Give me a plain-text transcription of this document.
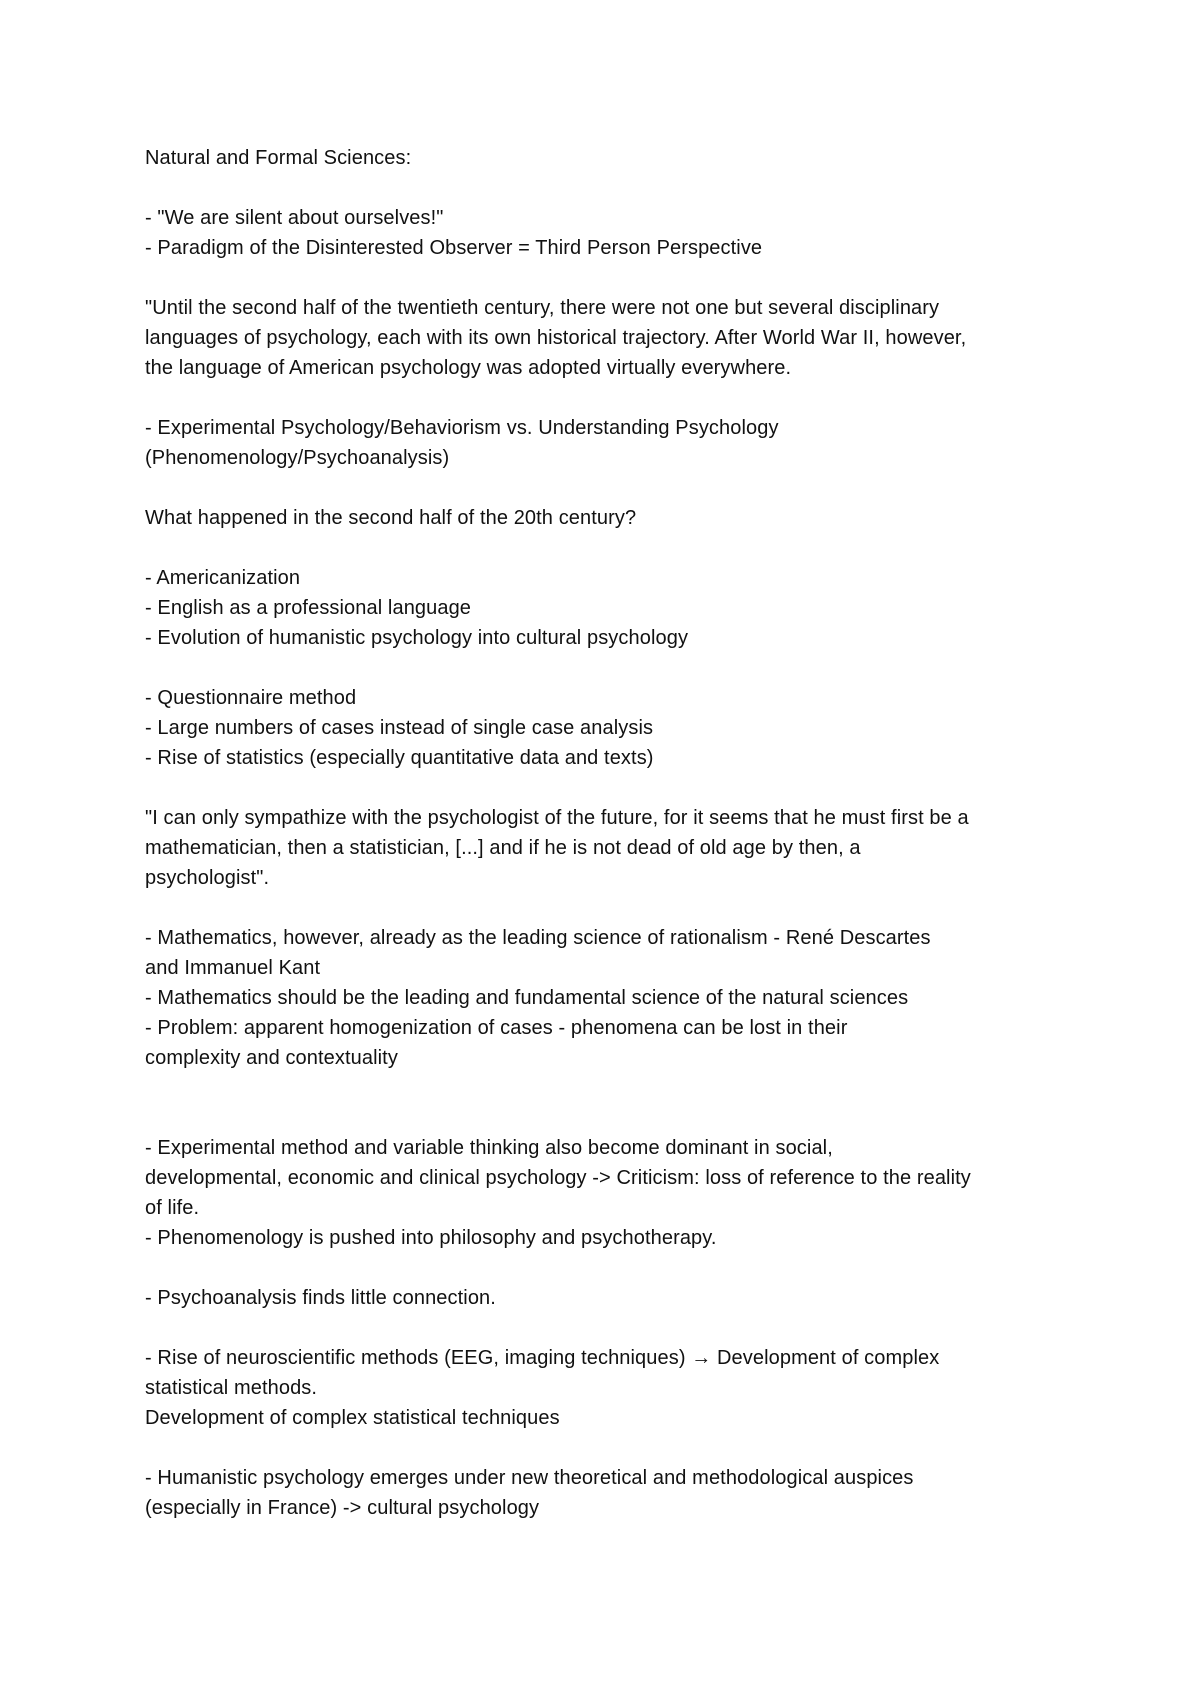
Natural and Formal Sciences:

- "We are silent about ourselves!"

- Paradigm of the Disinterested Observer = Third Person Perspective

"Until the second half of the twentieth century, there were not one but several disciplinary

languages of psychology, each with its own historical trajectory. After World War II, however,

the language of American psychology was adopted virtually everywhere.

- Experimental Psychology/Behaviorism vs. Understanding Psychology

(Phenomenology/Psychoanalysis)

What happened in the second half of the 20th century?

- Americanization

- English as a professional language

- Evolution of humanistic psychology into cultural psychology

- Questionnaire method

- Large numbers of cases instead of single case analysis

- Rise of statistics (especially quantitative data and texts)

"I can only sympathize with the psychologist of the future, for it seems that he must first be a

mathematician, then a statistician, [...] and if he is not dead of old age by then, a

psychologist".

- Mathematics, however, already as the leading science of rationalism - René Descartes

and Immanuel Kant

- Mathematics should be the leading and fundamental science of the natural sciences

- Problem: apparent homogenization of cases - phenomena can be lost in their

complexity and contextuality

- Experimental method and variable thinking also become dominant in social,

developmental, economic and clinical psychology -> Criticism: loss of reference to the reality

of life.

- Phenomenology is pushed into philosophy and psychotherapy.

- Psychoanalysis finds little connection.

- Rise of neuroscientific methods (EEG, imaging techniques) → Development of complex

statistical methods.

Development of complex statistical techniques

- Humanistic psychology emerges under new theoretical and methodological auspices

(especially in France) -> cultural psychology
